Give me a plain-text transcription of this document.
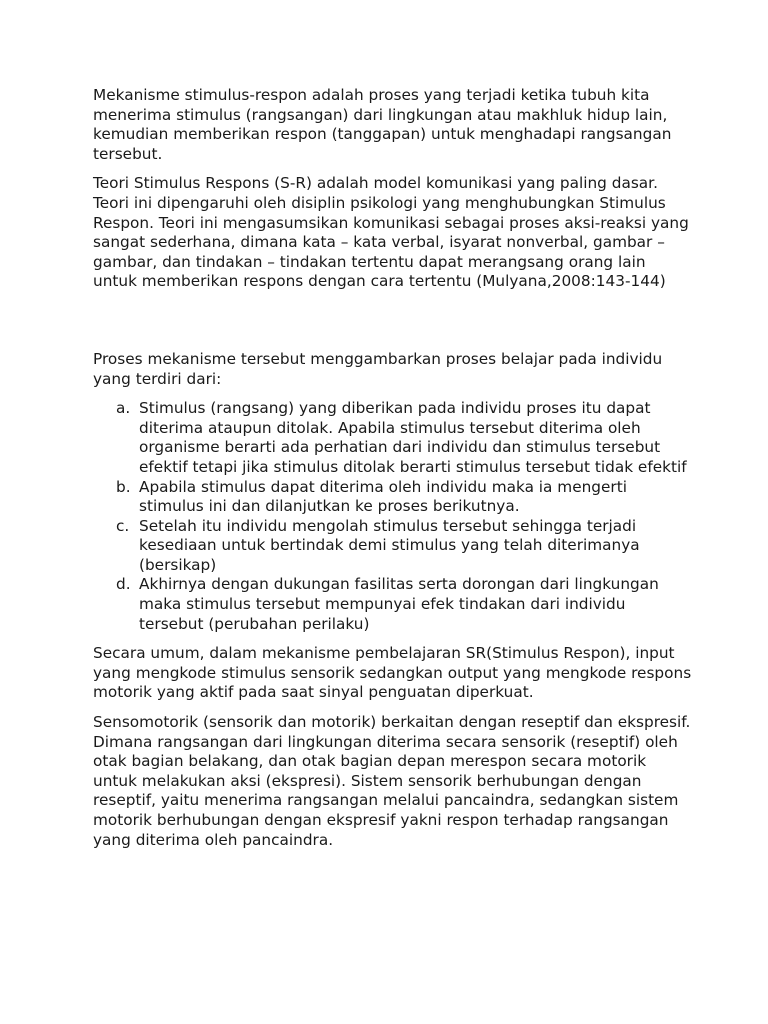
Mekanisme stimulus-respon adalah proses yang terjadi ketika tubuh kita menerima stimulus (rangsangan) dari lingkungan atau makhluk hidup lain, kemudian memberikan respon (tanggapan) untuk menghadapi rangsangan tersebut.

Teori Stimulus Respons (S-R) adalah model komunikasi yang paling dasar. Teori ini dipengaruhi oleh disiplin psikologi yang menghubungkan Stimulus Respon. Teori ini mengasumsikan komunikasi sebagai proses aksi-reaksi yang  sangat sederhana, dimana kata – kata verbal, isyarat nonverbal, gambar – gambar, dan tindakan – tindakan tertentu dapat merangsang orang lain untuk memberikan respons dengan cara tertentu (Mulyana,2008:143-144)

Proses mekanisme tersebut menggambarkan proses belajar pada individu yang terdiri dari:

a. Stimulus (rangsang) yang diberikan pada individu proses itu dapat diterima ataupun ditolak. Apabila stimulus tersebut diterima oleh organisme berarti ada perhatian dari individu dan stimulus tersebut efektif tetapi jika stimulus ditolak berarti stimulus tersebut tidak efektif
b. Apabila stimulus dapat diterima oleh individu maka ia mengerti stimulus ini dan dilanjutkan ke proses berikutnya.
c. Setelah itu individu mengolah stimulus tersebut sehingga terjadi kesediaan untuk bertindak demi stimulus yang telah diterimanya (bersikap)
d. Akhirnya dengan dukungan fasilitas serta dorongan dari lingkungan maka stimulus tersebut mempunyai efek tindakan dari individu tersebut (perubahan perilaku)

Secara umum, dalam mekanisme pembelajaran SR(Stimulus Respon), input yang mengkode stimulus sensorik sedangkan output yang mengkode respons motorik yang aktif pada saat sinyal penguatan diperkuat.

Sensomotorik (sensorik dan motorik) berkaitan dengan reseptif dan ekspresif. Dimana rangsangan dari lingkungan diterima secara sensorik (reseptif) oleh otak bagian belakang, dan otak bagian depan merespon secara motorik untuk melakukan aksi (ekspresi). Sistem sensorik berhubungan dengan reseptif, yaitu menerima rangsangan melalui pancaindra, sedangkan sistem motorik berhubungan dengan ekspresif yakni respon terhadap rangsangan yang diterima oleh pancaindra.
